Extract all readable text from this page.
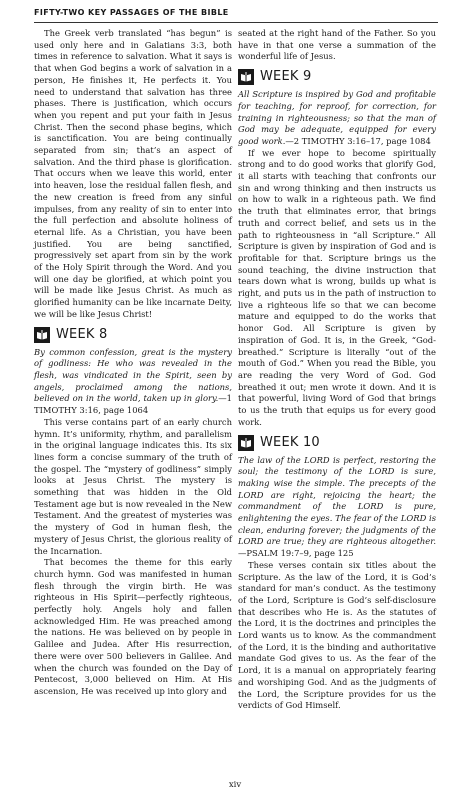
FIFTY-TWO KEY PASSAGES OF THE BIBLE

The Greek verb translated “has begun” is used only here and in Galatians 3:3, both times in reference to salvation. What it says is that when God begins a work of salvation in a person, He finishes it, He perfects it. You need to understand that salvation has three phases. There is justification, which occurs when you repent and put your faith in Jesus Christ. Then the second phase begins, which is sanctification. You are being continually separated from sin; that’s an aspect of salvation. And the third phase is glorification. That occurs when we leave this world, enter into heaven, lose the residual fallen flesh, and the new creation is freed from any sinful impulses, from any reality of sin to enter into the full perfection and absolute holiness of eternal life. As a Christian, you have been justified. You are being sanctified, progressively set apart from sin by the work of the Holy Spirit through the Word. And you will one day be glorified, at which point you will be made like Jesus Christ. As much as glorified humanity can be like incarnate Deity, we will be like Jesus Christ!

WEEK 8

By common confession, great is the mystery of godliness: He who was revealed in the flesh, was vindicated in the Spirit, seen by angels, proclaimed among the nations, believed on in the world, taken up in glory.—1 TIMOTHY 3:16, page 1064

This verse contains part of an early church hymn. It’s uniformity, rhythm, and parallelism in the original language indicates this. Its six lines form a concise summary of the truth of the gospel. The “mystery of godliness” simply looks at Jesus Christ. The mystery is something that was hidden in the Old Testament age but is now revealed in the New Testament. And the greatest of mysteries was the mystery of God in human flesh, the mystery of Jesus Christ, the glorious reality of the Incarnation.

That becomes the theme for this early church hymn. God was manifested in human flesh through the virgin birth. He was righteous in His Spirit—perfectly righteous, perfectly holy. Angels holy and fallen acknowledged Him. He was preached among the nations. He was believed on by people in Galilee and Judea. After His resurrection, there were over 500 believers in Galilee. And when the church was founded on the Day of Pentecost, 3,000 believed on Him. At His ascension, He was received up into glory and

seated at the right hand of the Father. So you have in that one verse a summation of the wonderful life of Jesus.

WEEK 9

All Scripture is inspired by God and profitable for teaching, for reproof, for correction, for training in righteousness; so that the man of God may be adequate, equipped for every good work.—2 TIMOTHY 3:16–17, page 1084

If we ever hope to become spiritually strong and to do good works that glorify God, it all starts with teaching that confronts our sin and wrong thinking and then instructs us on how to walk in a righteous path. We find the truth that eliminates error, that brings truth and correct belief, and sets us in the path to righteousness in “all Scripture.” All Scripture is given by inspiration of God and is profitable for that. Scripture brings us the sound teaching, the divine instruction that tears down what is wrong, builds up what is right, and puts us in the path of instruction to live a righteous life so that we can become mature and equipped to do the works that honor God. All Scripture is given by inspiration of God. It is, in the Greek, “God-breathed.” Scripture is literally “out of the mouth of God.” When you read the Bible, you are reading the very Word of God. God breathed it out; men wrote it down. And it is that powerful, living Word of God that brings to us the truth that equips us for every good work.

WEEK 10

The law of the LORD is perfect, restoring the soul; the testimony of the LORD is sure, making wise the simple. The precepts of the LORD are right, rejoicing the heart; the commandment of the LORD is pure, enlightening the eyes. The fear of the LORD is clean, enduring forever; the judgments of the LORD are true; they are righteous altogether.—PSALM 19:7–9, page 125

These verses contain six titles about the Scripture. As the law of the Lord, it is God’s standard for man’s conduct. As the testimony of the Lord, Scripture is God’s self-disclosure that describes who He is. As the statutes of the Lord, it is the doctrines and principles the Lord wants us to know. As the commandment of the Lord, it is the binding and authoritative mandate God gives to us. As the fear of the Lord, it is a manual on appropriately fearing and worshiping God. And as the judgments of the Lord, the Scripture provides for us the verdicts of God Himself.

xiv
